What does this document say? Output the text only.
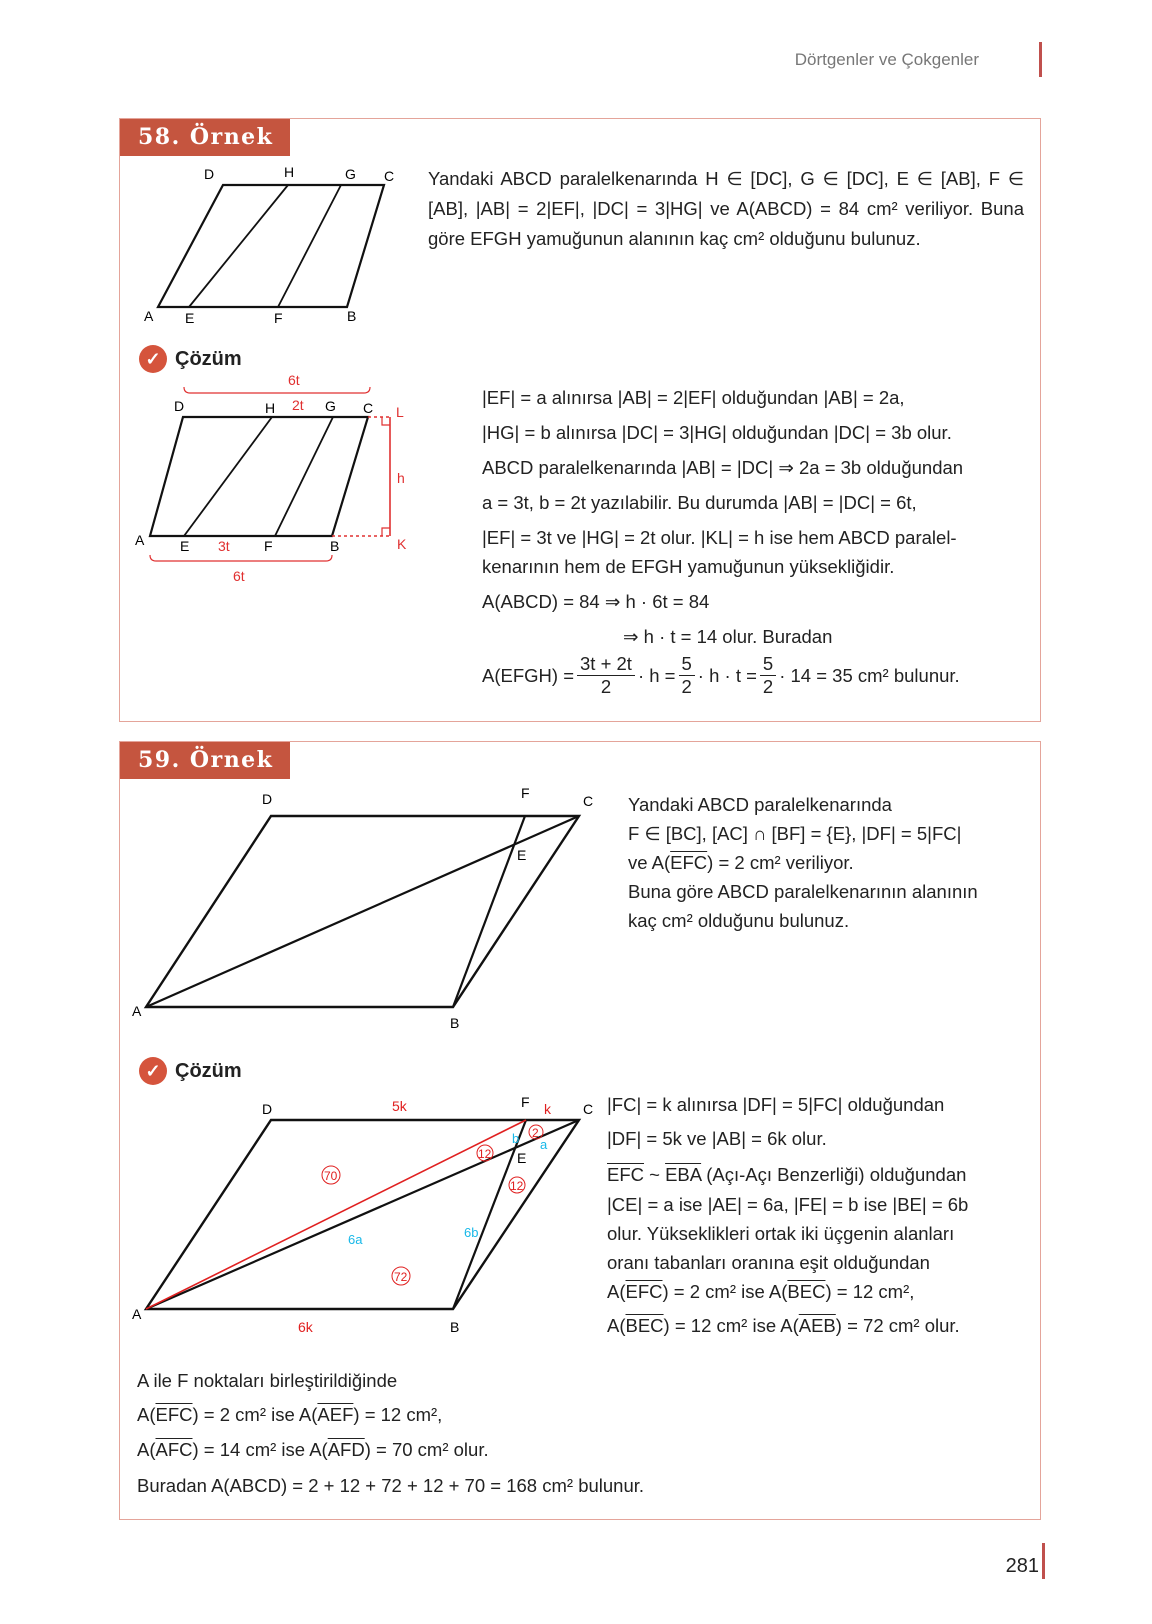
Dörtgenler ve Çokgenler
58. Örnek
D	H	G C
A E	F	B
Yandaki ABCD paralelkenarında H ∈ [DC], G ∈ [DC], E ∈ [AB], F ∈ [AB], |AB| = 2|EF|, |DC| = 3|HG| ve A(ABCD) = 84 cm² veriliyor. Buna göre EFGH yamuğunun alanının kaç cm² olduğunu bulunuz.
✓ Çözüm
6t
D	H 2t G C L
h
A	E 3t F	B	K
6t
|EF| = a alınırsa |AB| = 2|EF| olduğundan |AB| = 2a,
|HG| = b alınırsa |DC| = 3|HG| olduğundan |DC| = 3b olur.
ABCD paralelkenarında |AB| = |DC| ⇒ 2a = 3b olduğundan
a = 3t, b = 2t yazılabilir. Bu durumda |AB| = |DC| = 6t,
|EF| = 3t ve |HG| = 2t olur. |KL| = h ise hem ABCD paralel-
kenarının hem de EFGH yamuğunun yüksekliğidir.
A(ABCD) = 84 ⇒ h · 6t = 84
⇒ h · t = 14 olur. Buradan
A(EFGH) = $\frac{3t + 2t}{2} \cdot h = \frac{5}{2} \cdot h \cdot t = \frac{5}{2} \cdot 14 = 35$ cm² bulunur.
59. Örnek
D	F	C
E
A
B
Yandaki ABCD paralelkenarında
F ∈ [BC], [AC] ∩ [BF] = {E}, |DF| = 5|FC|
ve $A(\overline{EFC}) = 2$ cm² veriliyor.
Buna göre ABCD paralelkenarının alanının
kaç cm² olduğunu bulunuz.
✓ Çözüm
D	5k	F k C
2
b a
12 E
70
12
6b
6a
72
A
6k	B
|FC| = k alınırsa |DF| = 5|FC| olduğundan
|DF| = 5k ve |AB| = 6k olur.
$\overline{EFC}$ ~ $\overline{EBA}$ (Açı-Açı Benzerliği) olduğundan
|CE| = a ise |AE| = 6a, |FE| = b ise |BE| = 6b
olur. Yükseklikleri ortak iki üçgenin alanları
oranı tabanları oranına eşit olduğundan
$A(\overline{EFC}) = 2$ cm² ise $A(\overline{BEC}) = 12$ cm²,
$A(\overline{BEC}) = 12$ cm² ise $A(\overline{AEB}) = 72$ cm² olur.
A ile F noktaları birleştirildiğinde
$A(\overline{EFC}) = 2$ cm² ise $A(\overline{AEF}) = 12$ cm²,
$A(\overline{AFC}) = 14$ cm² ise $A(\overline{AFD}) = 70$ cm² olur.
Buradan A(ABCD) = 2 + 12 + 72 + 12 + 70 = 168 cm² bulunur.
281
